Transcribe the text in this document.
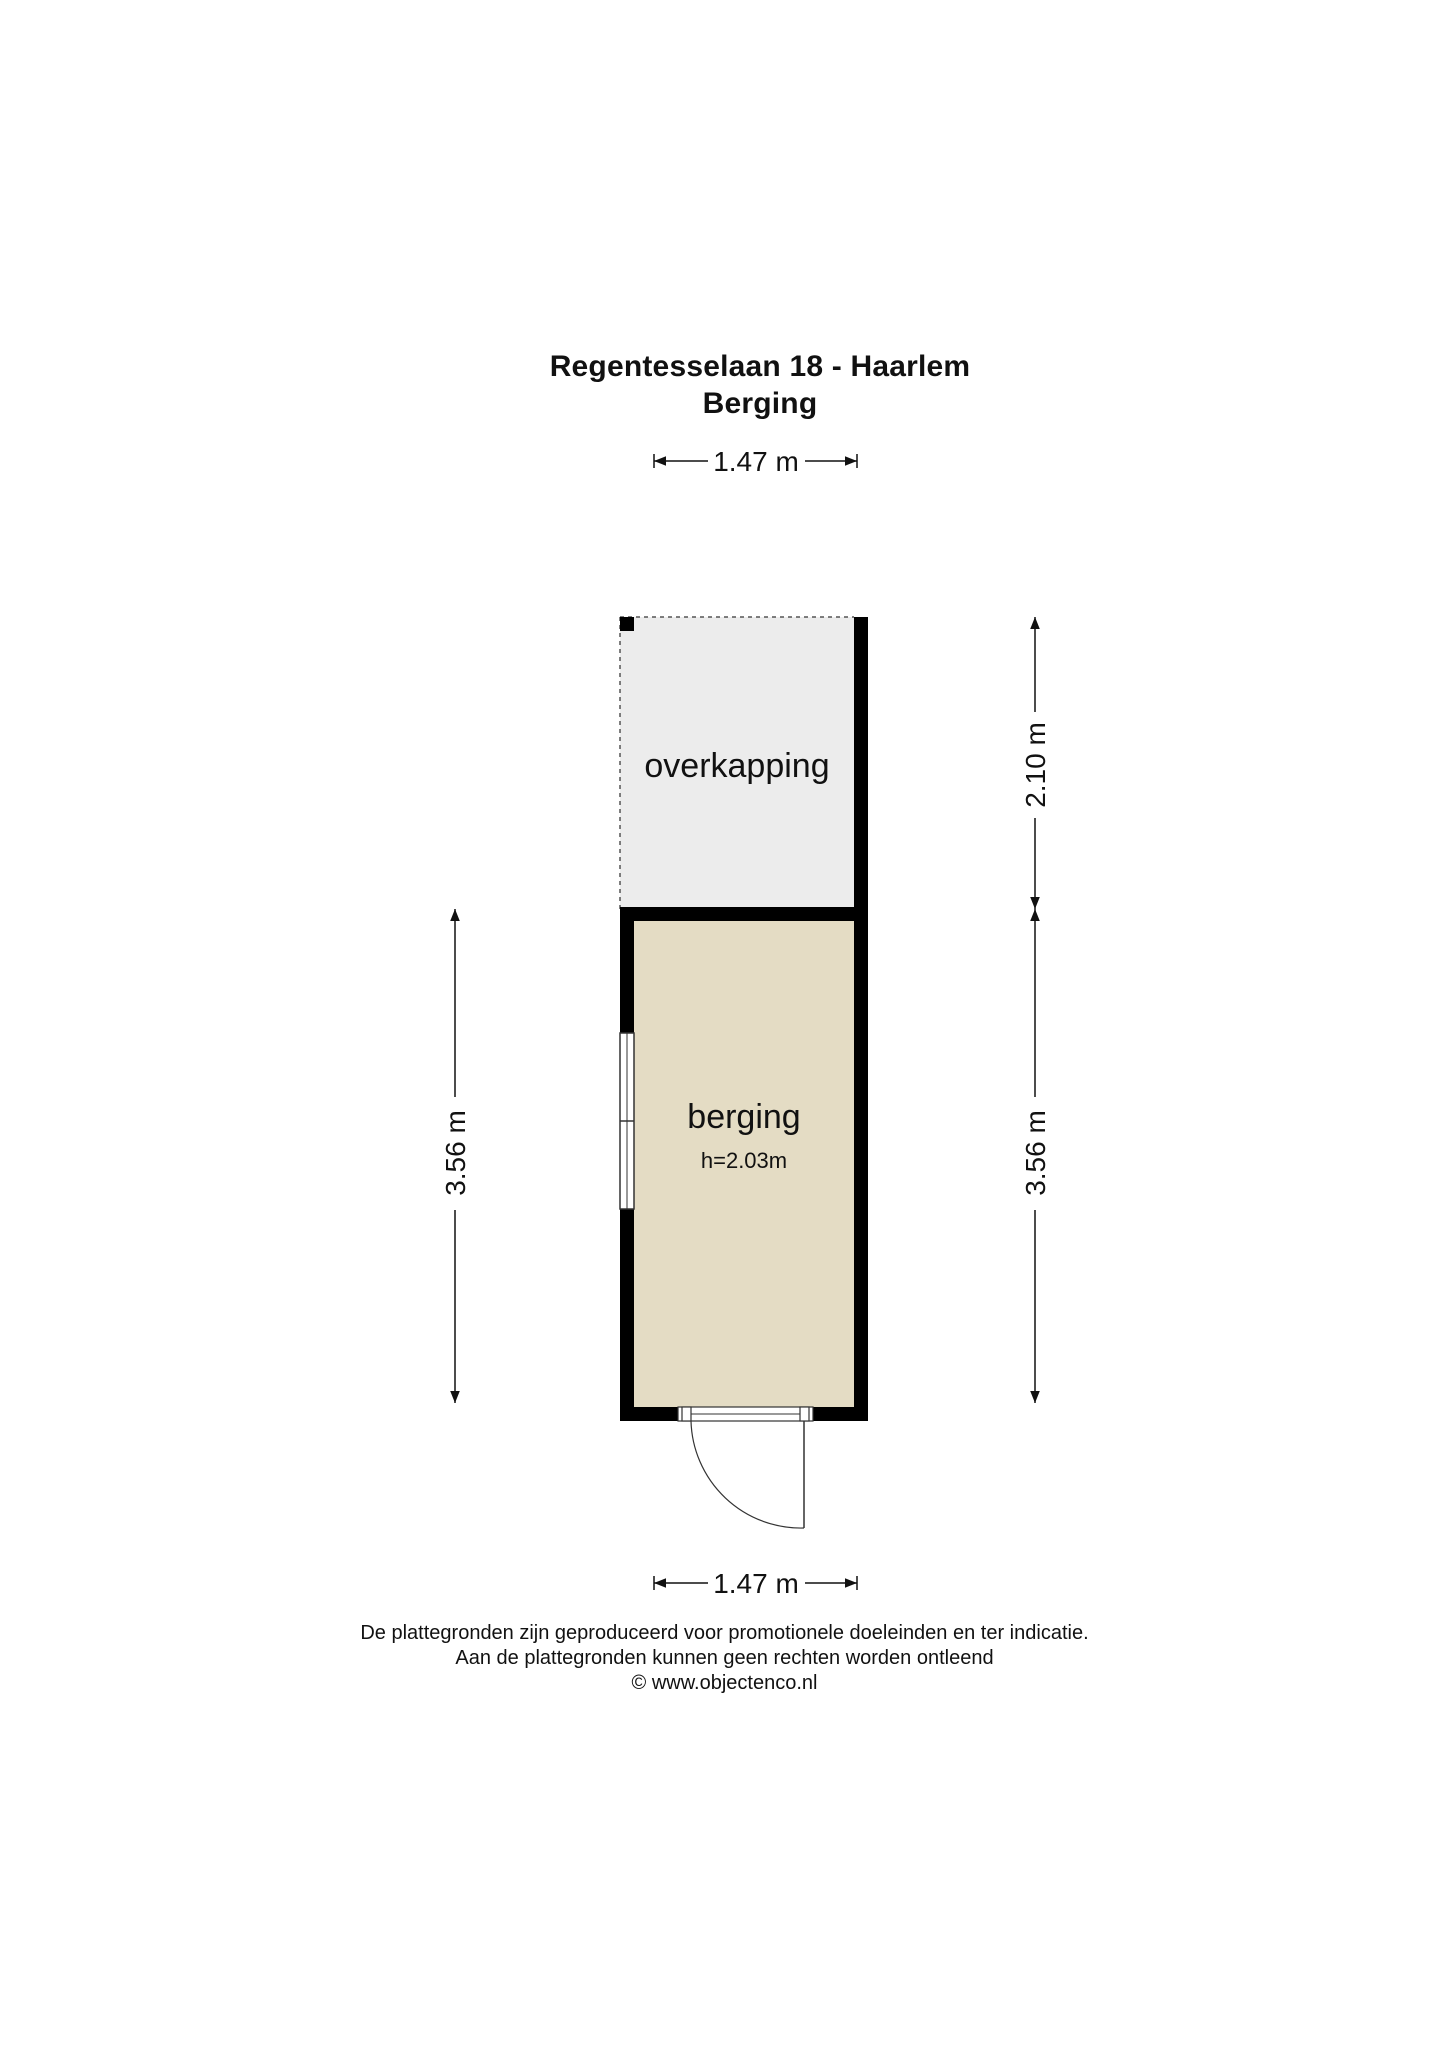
Regentesselaan 18 - Haarlem
Berging
overkapping
berging
h=2.03m
1.47 m
1.47 m
2.10 m
3.56 m
3.56 m
De plattegronden zijn geproduceerd voor promotionele doeleinden en ter indicatie.
Aan de plattegronden kunnen geen rechten worden ontleend
© www.objectenco.nl
